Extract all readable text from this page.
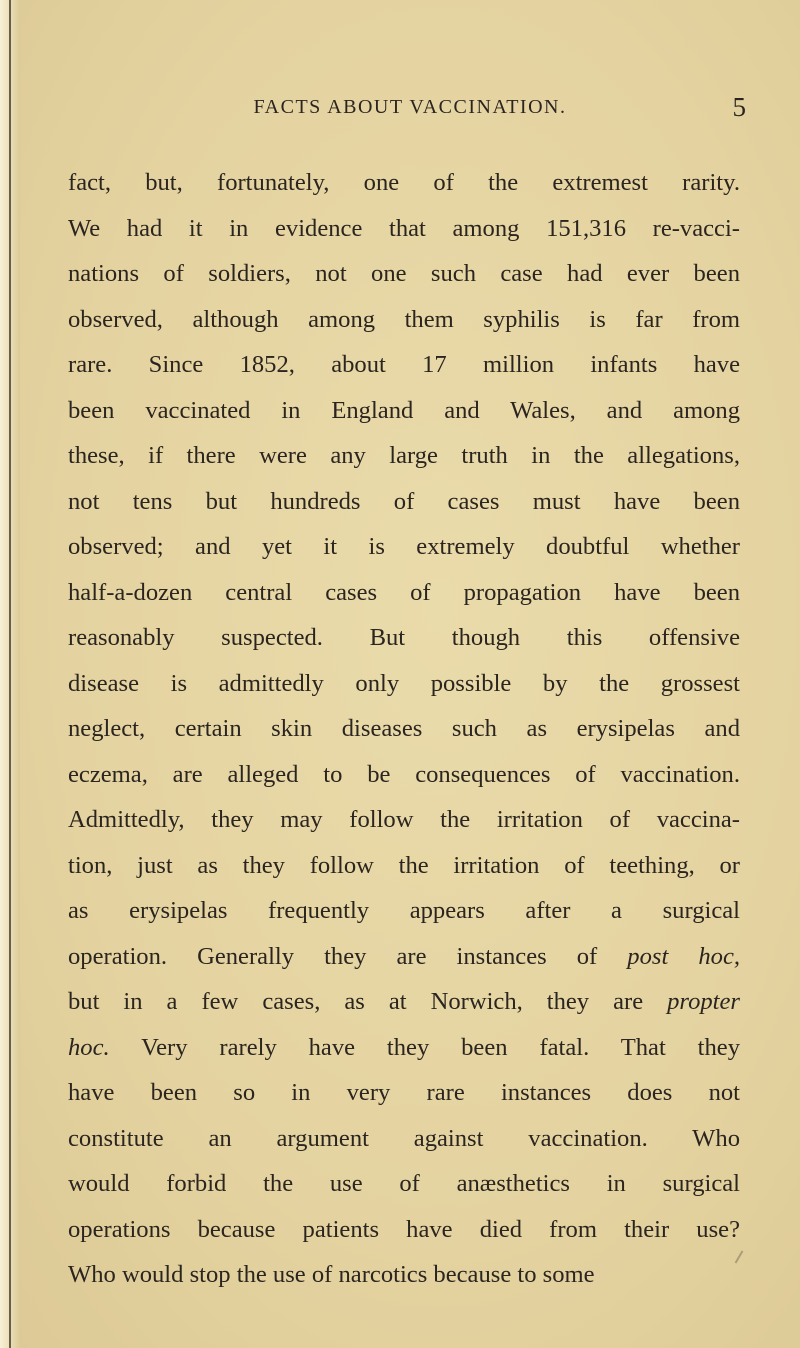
FACTS ABOUT VACCINATION.	5
fact, but, fortunately, one of the extremest rarity.
We had it in evidence that among 151,316 re-vacci-
nations of soldiers, not one such case had ever been
observed, although among them syphilis is far from
rare. Since 1852, about 17 million infants have
been vaccinated in England and Wales, and among
these, if there were any large truth in the allegations,
not tens but hundreds of cases must have been
observed; and yet it is extremely doubtful whether
half-a-dozen central cases of propagation have been
reasonably suspected. But though this offensive
disease is admittedly only possible by the grossest
neglect, certain skin diseases such as erysipelas and
eczema, are alleged to be consequences of vaccination.
Admittedly, they may follow the irritation of vaccina-
tion, just as they follow the irritation of teething, or
as erysipelas frequently appears after a surgical
operation. Generally they are instances of post hoc,
but in a few cases, as at Norwich, they are propter
hoc. Very rarely have they been fatal. That they
have been so in very rare instances does not
constitute an argument against vaccination. Who
would forbid the use of anæsthetics in surgical
operations because patients have died from their use?
Who would stop the use of narcotics because to some
